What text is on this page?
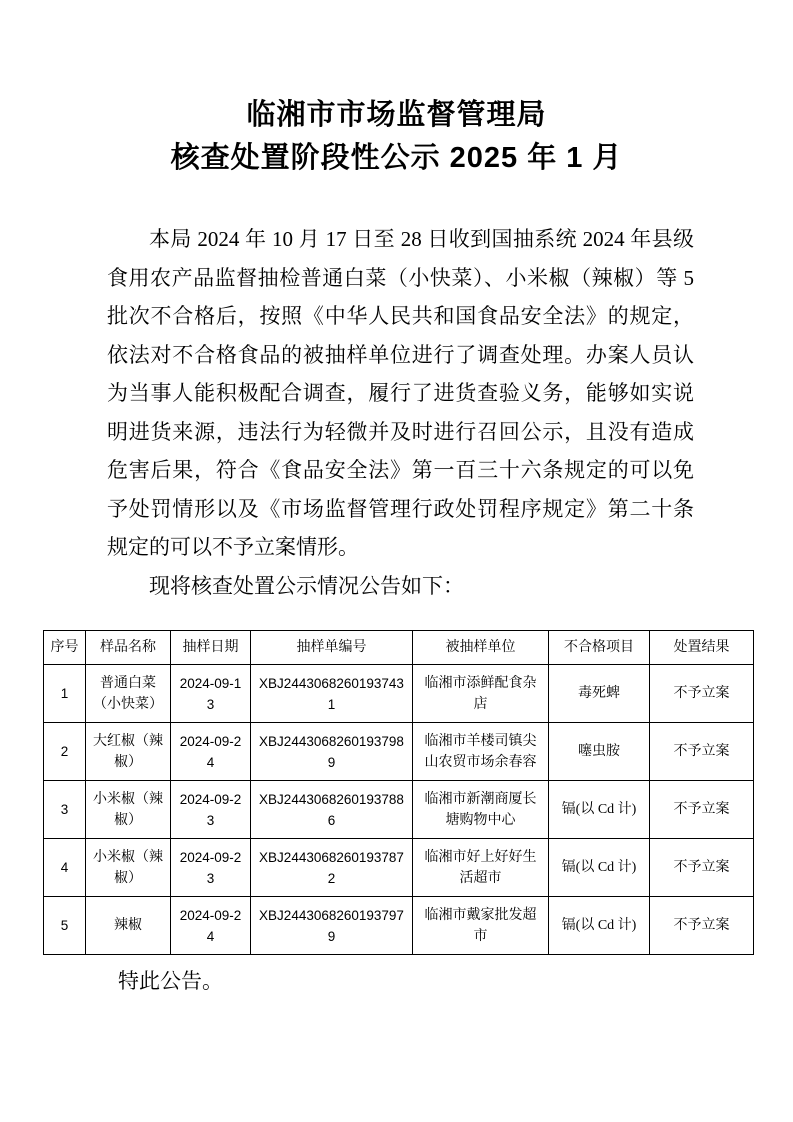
临湘市市场监督管理局
核查处置阶段性公示 2025 年 1 月

本局 2024 年 10 月 17 日至 28 日收到国抽系统 2024 年县级食用农产品监督抽检普通白菜（小快菜）、小米椒（辣椒）等 5 批次不合格后，按照《中华人民共和国食品安全法》的规定，依法对不合格食品的被抽样单位进行了调查处理。办案人员认为当事人能积极配合调查，履行了进货查验义务，能够如实说明进货来源，违法行为轻微并及时进行召回公示，且没有造成危害后果，符合《食品安全法》第一百三十六条规定的可以免予处罚情形以及《市场监督管理行政处罚程序规定》第二十条规定的可以不予立案情形。

现将核查处置公示情况公告如下：

序号	样品名称	抽样日期	抽样单编号	被抽样单位	不合格项目	处置结果
1	普通白菜（小快菜）	2024-09-13	XBJ24430682601937431	临湘市添鲜配食杂店	毒死蜱	不予立案
2	大红椒（辣椒）	2024-09-24	XBJ24430682601937989	临湘市羊楼司镇尖山农贸市场余春容	噻虫胺	不予立案
3	小米椒（辣椒）	2024-09-23	XBJ24430682601937886	临湘市新潮商厦长塘购物中心	镉(以 Cd 计)	不予立案
4	小米椒（辣椒）	2024-09-23	XBJ24430682601937872	临湘市好上好好生活超市	镉(以 Cd 计)	不予立案
5	辣椒	2024-09-24	XBJ24430682601937979	临湘市戴家批发超市	镉(以 Cd 计)	不予立案

特此公告。
